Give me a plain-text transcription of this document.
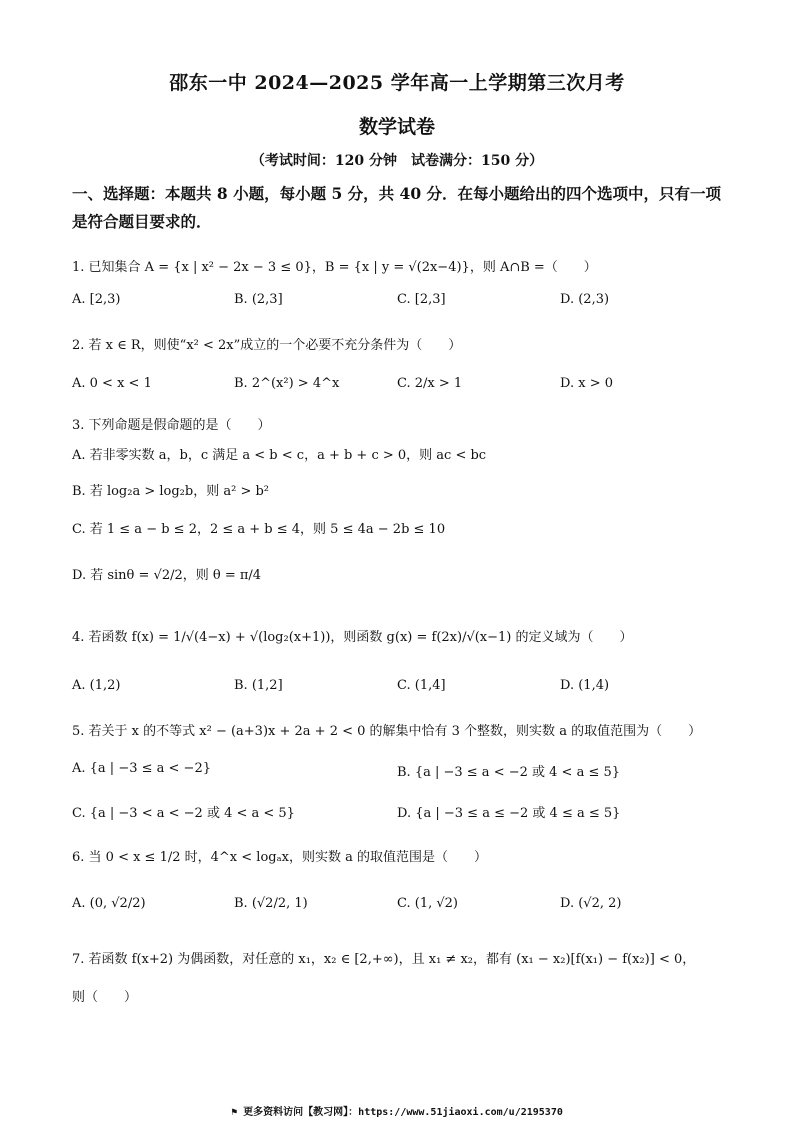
邵东一中 2024—2025 学年高一上学期第三次月考
数学试卷
（考试时间：120 分钟　试卷满分：150 分）
一、选择题：本题共 8 小题，每小题 5 分，共 40 分．在每小题给出的四个选项中，只有一项
是符合题目要求的．
1. 已知集合 A = {x | x² − 2x − 3 ≤ 0}，B = {x | y = √(2x−4)}，则 A∩B =（　　）
A. [2,3)	B. (2,3]	C. [2,3]	D. (2,3)
2. 若 x ∈ R，则使“x² < 2x”成立的一个必要不充分条件为（　　）
A. 0 < x < 1	B. 2^(x²) > 4^x	C. 2/x > 1	D. x > 0
3. 下列命题是假命题的是（　　）
A. 若非零实数 a，b，c 满足 a < b < c，a + b + c > 0，则 ac < bc
B. 若 log₂a > log₂b，则 a² > b²
C. 若 1 ≤ a − b ≤ 2，2 ≤ a + b ≤ 4，则 5 ≤ 4a − 2b ≤ 10
D. 若 sinθ = √2/2，则 θ = π/4
4. 若函数 f(x) = 1/√(4−x) + √(log₂(x+1))，则函数 g(x) = f(2x)/√(x−1) 的定义域为（　　）
A. (1,2)	B. (1,2]	C. (1,4]	D. (1,4)
5. 若关于 x 的不等式 x² − (a+3)x + 2a + 2 < 0 的解集中恰有 3 个整数，则实数 a 的取值范围为（　　）
A. {a | −3 ≤ a < −2}	B. {a | −3 ≤ a < −2 或 4 < a ≤ 5}
C. {a | −3 < a < −2 或 4 < a < 5}	D. {a | −3 ≤ a ≤ −2 或 4 ≤ a ≤ 5}
6. 当 0 < x ≤ 1/2 时，4^x < logₐx，则实数 a 的取值范围是（　　）
A. (0, √2/2)	B. (√2/2, 1)	C. (1, √2)	D. (√2, 2)
7. 若函数 f(x+2) 为偶函数，对任意的 x₁，x₂ ∈ [2,+∞)，且 x₁ ≠ x₂，都有 (x₁ − x₂)[f(x₁) − f(x₂)] < 0，
则（　　）
⚑ 更多资料访问【教习网】：https://www.51jiaoxi.com/u/2195370
